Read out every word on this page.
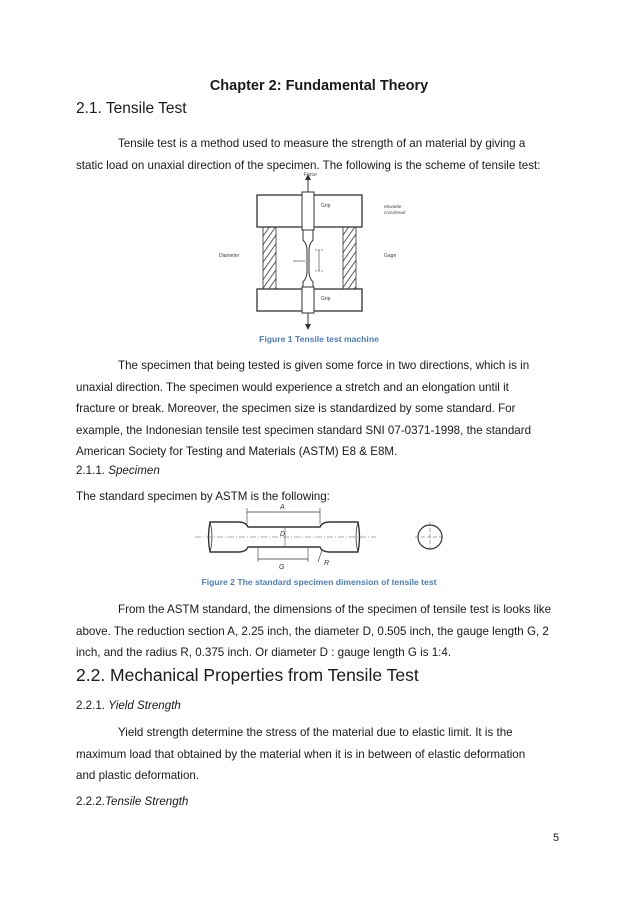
Chapter 2: Fundamental Theory
2.1. Tensile Test
Tensile test is a method used to measure the strength of an material by giving a
static load on unaxial direction of the specimen. The following is the scheme of tensile test:
Force
Grip
Diameter	Gage
Movable
crosshead
Grip
Figure 1 Tensile test machine
The specimen that being tested is given some force in two directions, which is in
unaxial direction. The specimen would experience a stretch and an elongation until it
fracture or break. Moreover, the specimen size is standardized by some standard. For
example, the Indonesian tensile test specimen standard SNI 07-0371-1998, the standard
American Society for Testing and Materials (ASTM) E8 & E8M.
2.1.1. Specimen
The standard specimen by ASTM is the following:
A
D
G
R
Figure 2 The standard specimen dimension of tensile test
From the ASTM standard, the dimensions of the specimen of tensile test is looks like
above. The reduction section A, 2.25 inch, the diameter D, 0.505 inch, the gauge length G, 2
inch, and the radius R, 0.375 inch. Or diameter D : gauge length G is 1:4.
2.2. Mechanical Properties from Tensile Test
2.2.1. Yield Strength
Yield strength determine the stress of the material due to elastic limit. It is the
maximum load that obtained by the material when it is in between of elastic deformation
and plastic deformation.
2.2.2.Tensile Strength
5
